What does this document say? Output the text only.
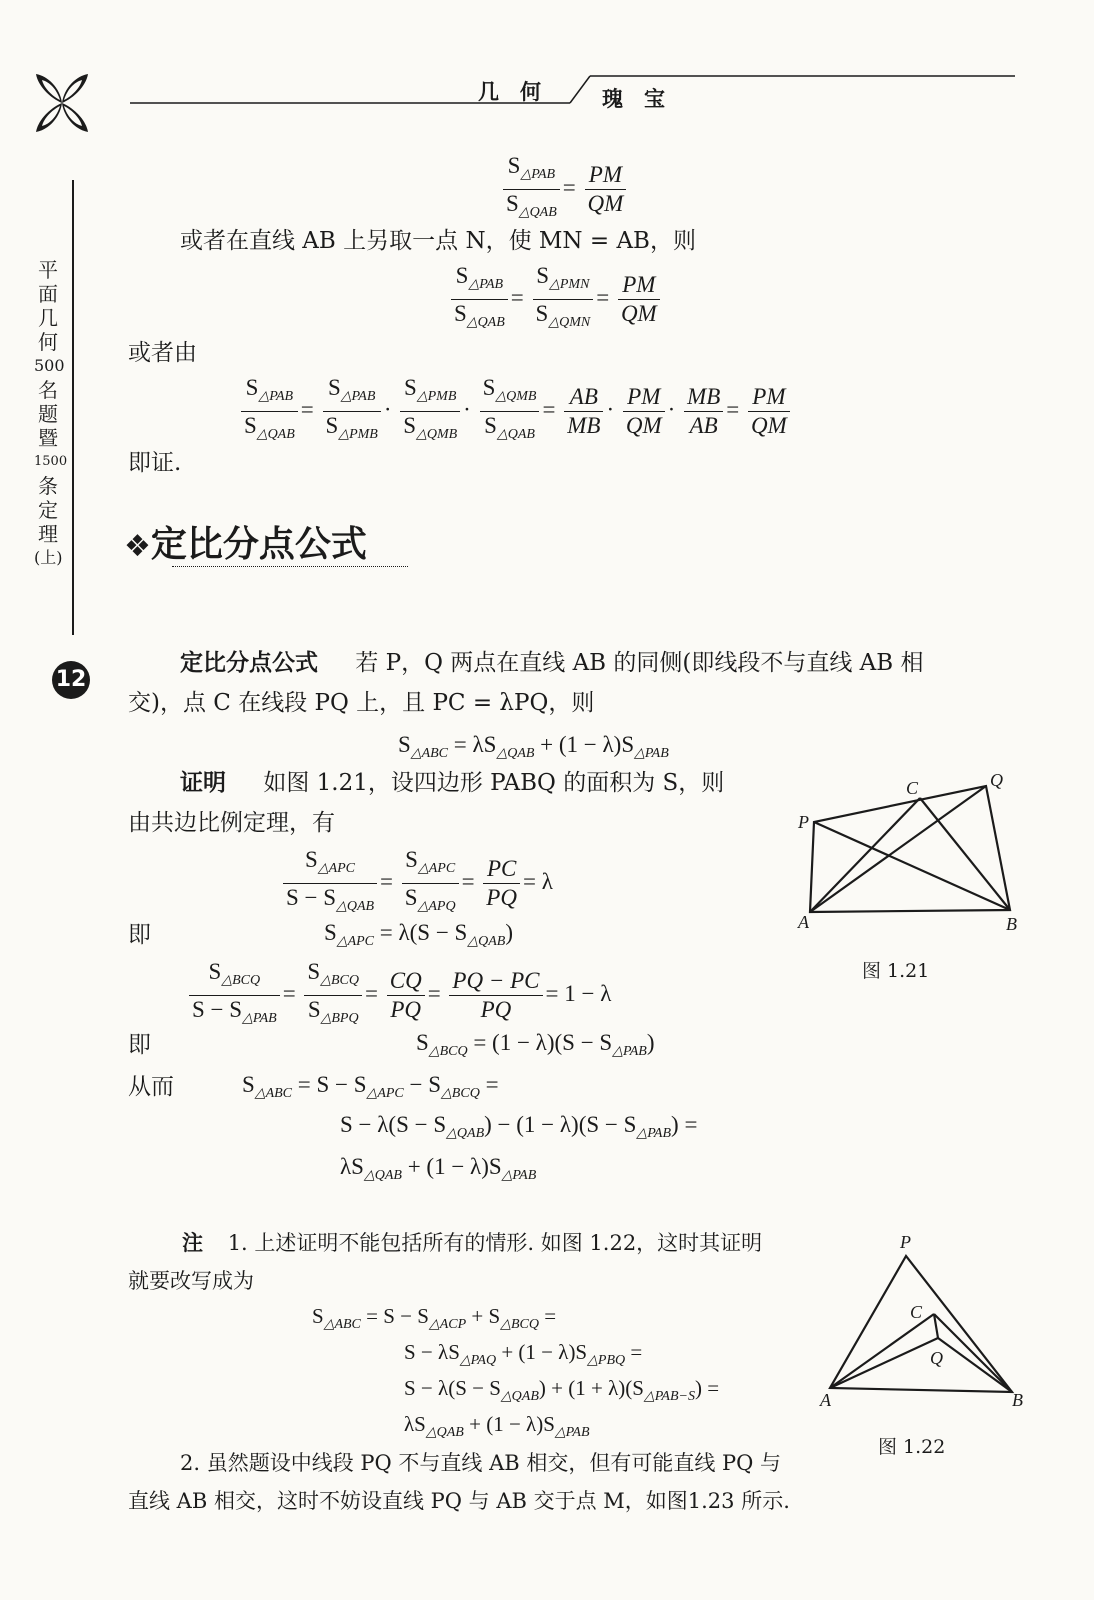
几　何	瑰　宝
平
面
几
何
500
名
题
暨
1500
条
定
理
(上)
12
$\frac{S_{\triangle PAB}}{S_{\triangle QAB}} = \frac{PM}{QM}$
或者在直线 AB 上另取一点 N，使 MN = AB，则
$\frac{S_{\triangle PAB}}{S_{\triangle QAB}} = \frac{S_{\triangle PMN}}{S_{\triangle QMN}} = \frac{PM}{QM}$
或者由
$\frac{S_{\triangle PAB}}{S_{\triangle QAB}} = \frac{S_{\triangle PAB}}{S_{\triangle PMB}} \cdot \frac{S_{\triangle PMB}}{S_{\triangle QMB}} \cdot \frac{S_{\triangle QMB}}{S_{\triangle QAB}} = \frac{AB}{MB} \cdot \frac{PM}{QM} \cdot \frac{MB}{AB} = \frac{PM}{QM}$
即证.
❖定比分点公式
定比分点公式 若 P，Q 两点在直线 AB 的同侧(即线段不与直线 AB 相
交)，点 C 在线段 PQ 上，且 PC = λPQ，则
$S_{\triangle ABC} = \lambda S_{\triangle QAB} + (1 - \lambda)S_{\triangle PAB}$
证明 如图 1.21，设四边形 PABQ 的面积为 S，则
由共边比例定理，有
$\frac{S_{\triangle APC}}{S - S_{\triangle QAB}} = \frac{S_{\triangle APC}}{S_{\triangle APQ}} = \frac{PC}{PQ} = \lambda$
即	$S_{\triangle APC} = \lambda(S - S_{\triangle QAB})$
$\frac{S_{\triangle BCQ}}{S - S_{\triangle PAB}} = \frac{S_{\triangle BCQ}}{S_{\triangle BPQ}} = \frac{CQ}{PQ} = \frac{PQ - PC}{PQ} = 1 - \lambda$
即	$S_{\triangle BCQ} = (1 - \lambda)(S - S_{\triangle PAB})$
从而	$S_{\triangle ABC} = S - S_{\triangle APC} - S_{\triangle BCQ}$ =
$S - \lambda(S - S_{\triangle QAB}) - (1 - \lambda)(S - S_{\triangle PAB})$ =
$\lambda S_{\triangle QAB} + (1 - \lambda)S_{\triangle PAB}$
P
Q
C
A	B
图 1.21
注 1. 上述证明不能包括所有的情形. 如图 1.22，这时其证明
就要改写成为
$S_{\triangle ABC} = S - S_{\triangle ACP} + S_{\triangle BCQ}$ =
$S - \lambda S_{\triangle PAQ} + (1 - \lambda)S_{\triangle PBQ}$ =
$S - \lambda(S - S_{\triangle QAB}) + (1 + \lambda)(S_{\triangle PAB-S})$ =
$\lambda S_{\triangle QAB} + (1 - \lambda)S_{\triangle PAB}$
2. 虽然题设中线段 PQ 不与直线 AB 相交，但有可能直线 PQ 与
直线 AB 相交，这时不妨设直线 PQ 与 AB 交于点 M，如图1.23 所示.
P
C
Q
A	B
图 1.22
